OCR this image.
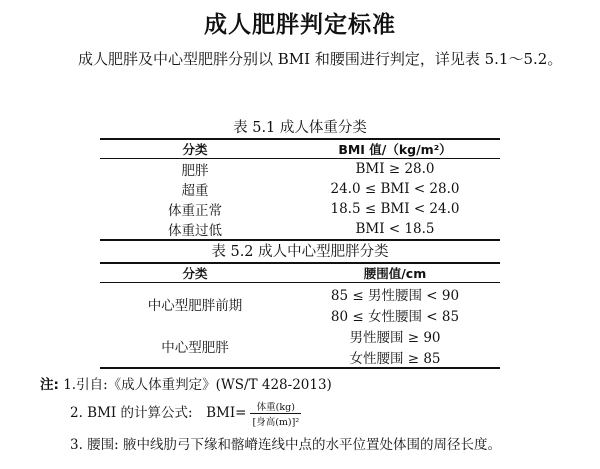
成人肥胖判定标准

成人肥胖及中心型肥胖分别以 BMI 和腰围进行判定，详见表 5.1～5.2。

表 5.1 成人体重分类
分类	BMI 值/（kg/m²）
肥胖	BMI ≥ 28.0
超重	24.0 ≤ BMI < 28.0
体重正常	18.5 ≤ BMI < 24.0
体重过低	BMI < 18.5
表 5.2 成人中心型肥胖分类
分类	腰围值/cm
中心型肥胖前期	85 ≤ 男性腰围 < 90
	80 ≤ 女性腰围 < 85
中心型肥胖	男性腰围 ≥ 90
	女性腰围 ≥ 85
注: 1.引自:《成人体重判定》(WS/T 428-2013)
2. BMI 的计算公式:　$BMI= \frac{\text{体重(kg)}}{\text{[身高(m)]²}}$
3. 腰围: 腋中线肋弓下缘和髂嵴连线中点的水平位置处体围的周径长度。
